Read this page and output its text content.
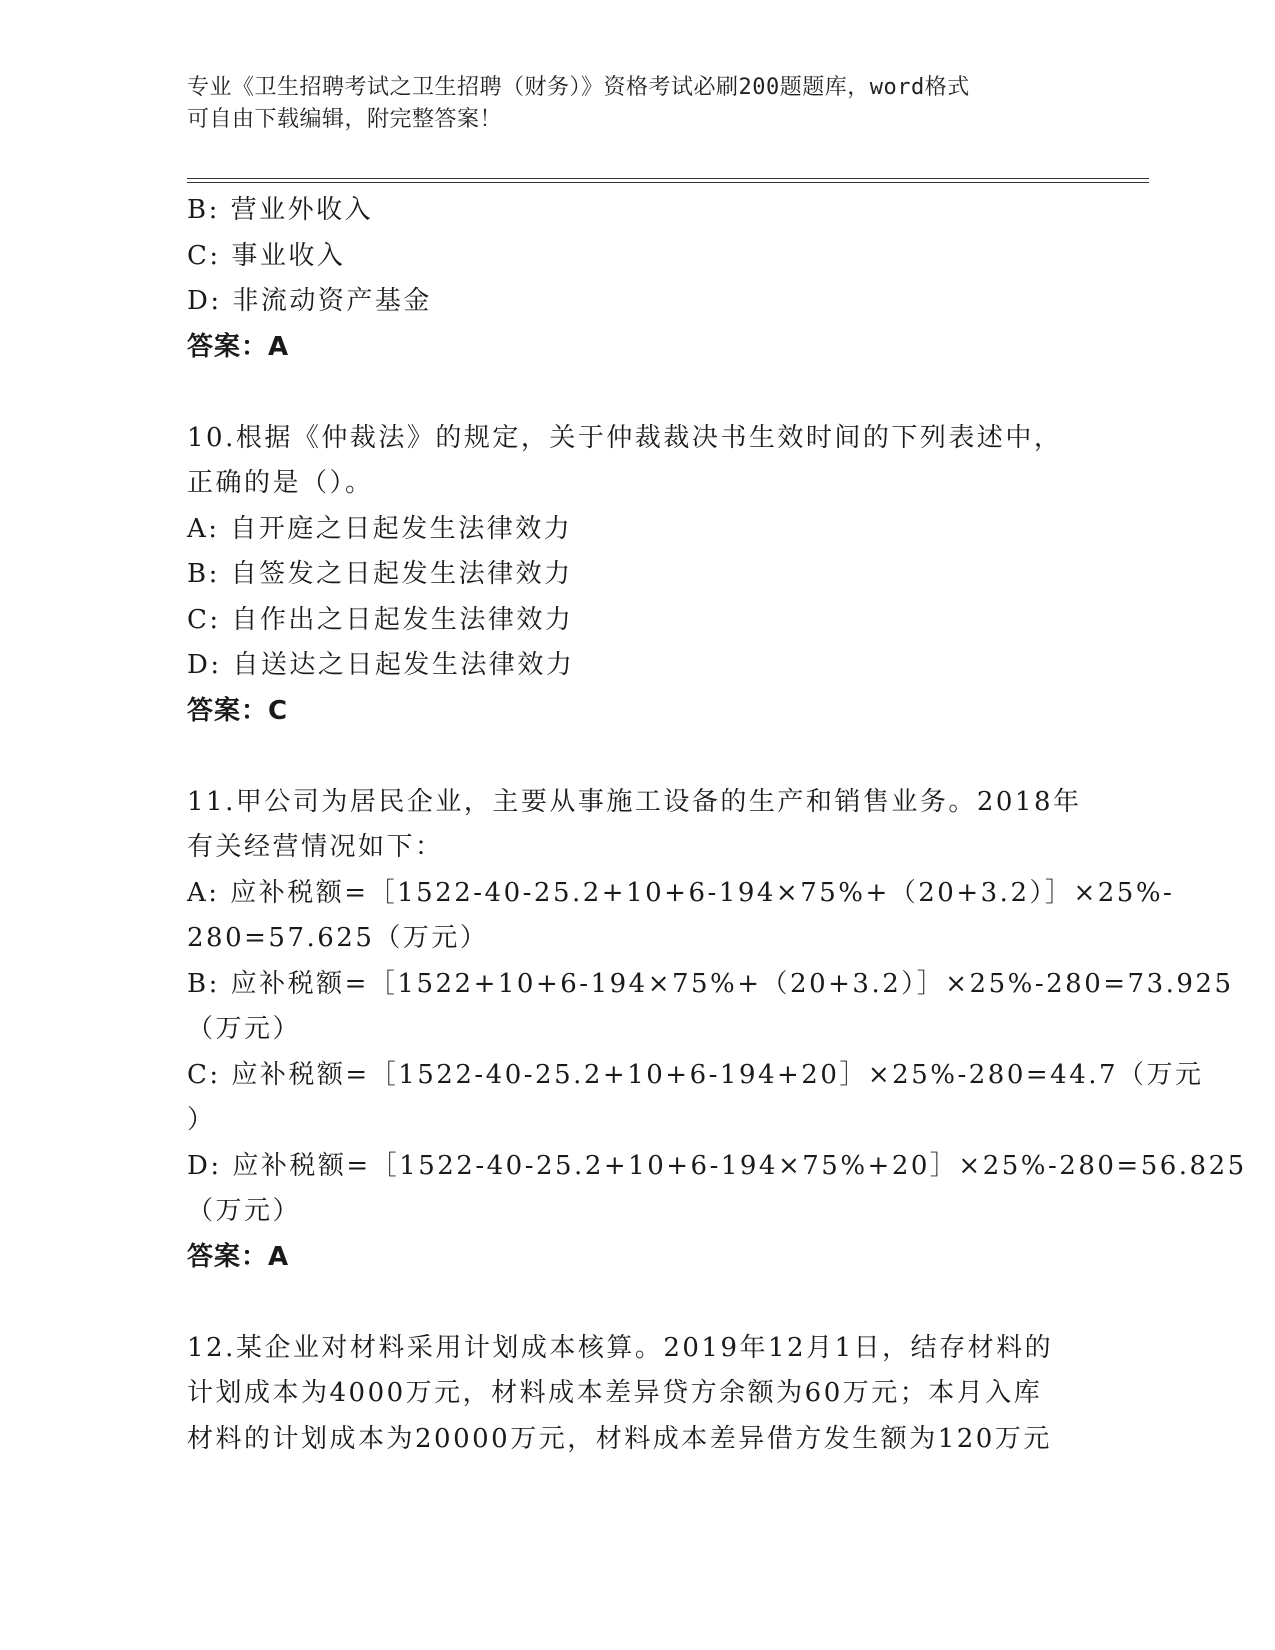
专业《卫生招聘考试之卫生招聘（财务）》资格考试必刷200题题库，word格式
可自由下载编辑，附完整答案！
B: 营业外收入
C: 事业收入
D: 非流动资产基金
答案：A
10.根据《仲裁法》的规定，关于仲裁裁决书生效时间的下列表述中，
正确的是（）。
A: 自开庭之日起发生法律效力
B: 自签发之日起发生法律效力
C: 自作出之日起发生法律效力
D: 自送达之日起发生法律效力
答案：C
11.甲公司为居民企业，主要从事施工设备的生产和销售业务。2018年
有关经营情况如下：
A: 应补税额=［1522-40-25.2+10+6-194×75%+（20+3.2）］×25%-
280=57.625（万元）
B: 应补税额=［1522+10+6-194×75%+（20+3.2）］×25%-280=73.925
（万元）
C: 应补税额=［1522-40-25.2+10+6-194+20］×25%-280=44.7（万元
）
D: 应补税额=［1522-40-25.2+10+6-194×75%+20］×25%-280=56.825
（万元）
答案：A
12.某企业对材料采用计划成本核算。2019年12月1日，结存材料的
计划成本为4000万元，材料成本差异贷方余额为60万元；本月入库
材料的计划成本为20000万元，材料成本差异借方发生额为120万元
